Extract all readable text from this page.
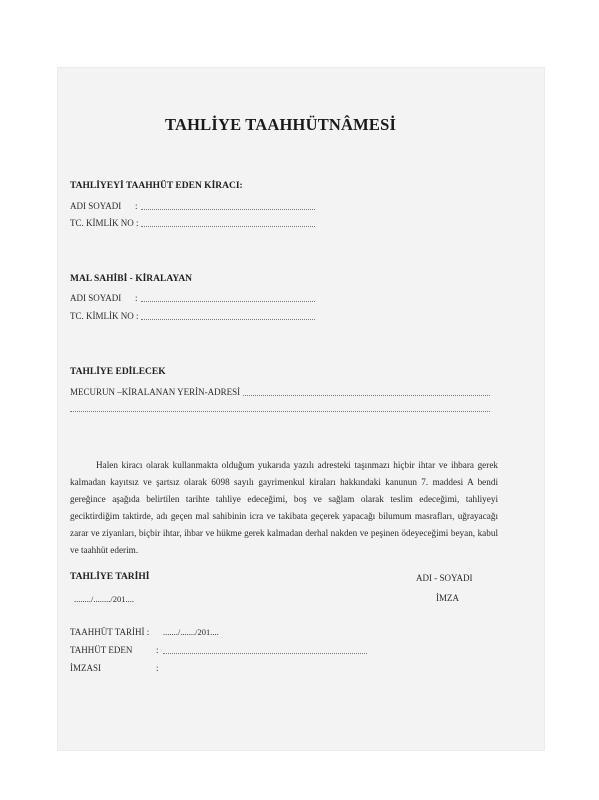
TAHLİYE TAAHHÜTNÂMESİ
TAHLİYEYİ TAAHHÜT EDEN KİRACI:
ADI SOYADI :
TC. KİMLİK NO :
MAL SAHİBİ - KİRALAYAN
ADI SOYADI :
TC. KİMLİK NO :
TAHLİYE EDİLECEK
MECURUN –KİRALANAN YERİN-ADRESİ

Halen kiracı olarak kullanmakta olduğum yukarıda yazılı adresteki taşınmazı hiçbir ihtar ve ihbara gerek kalmadan kayıtsız ve şartsız olarak 6098 sayılı gayrimenkul kiraları hakkındaki kanunun 7. maddesi A bendi gereğince aşağıda belirtilen tarihte tahliye edeceğimi, boş ve sağlam olarak teslim edeceğimi, tahliyeyi geciktirdiğim taktirde, adı geçen mal sahibinin icra ve takibata geçerek yapacağı bilumum masrafları, uğrayacağı zarar ve ziyanları, biçbir ihtar, ihbar ve hükme gerek kalmadan derhal nakden ve peşinen ödeyeceğimi beyan, kabul ve taahhüt ederim.

TAHLİYE TARİHİ	ADI - SOYADI
......../......../201....	İMZA
TAAHHÜT TARİHİ : ......./......./201....
TAHHÜT EDEN	:
İMZASI	:
